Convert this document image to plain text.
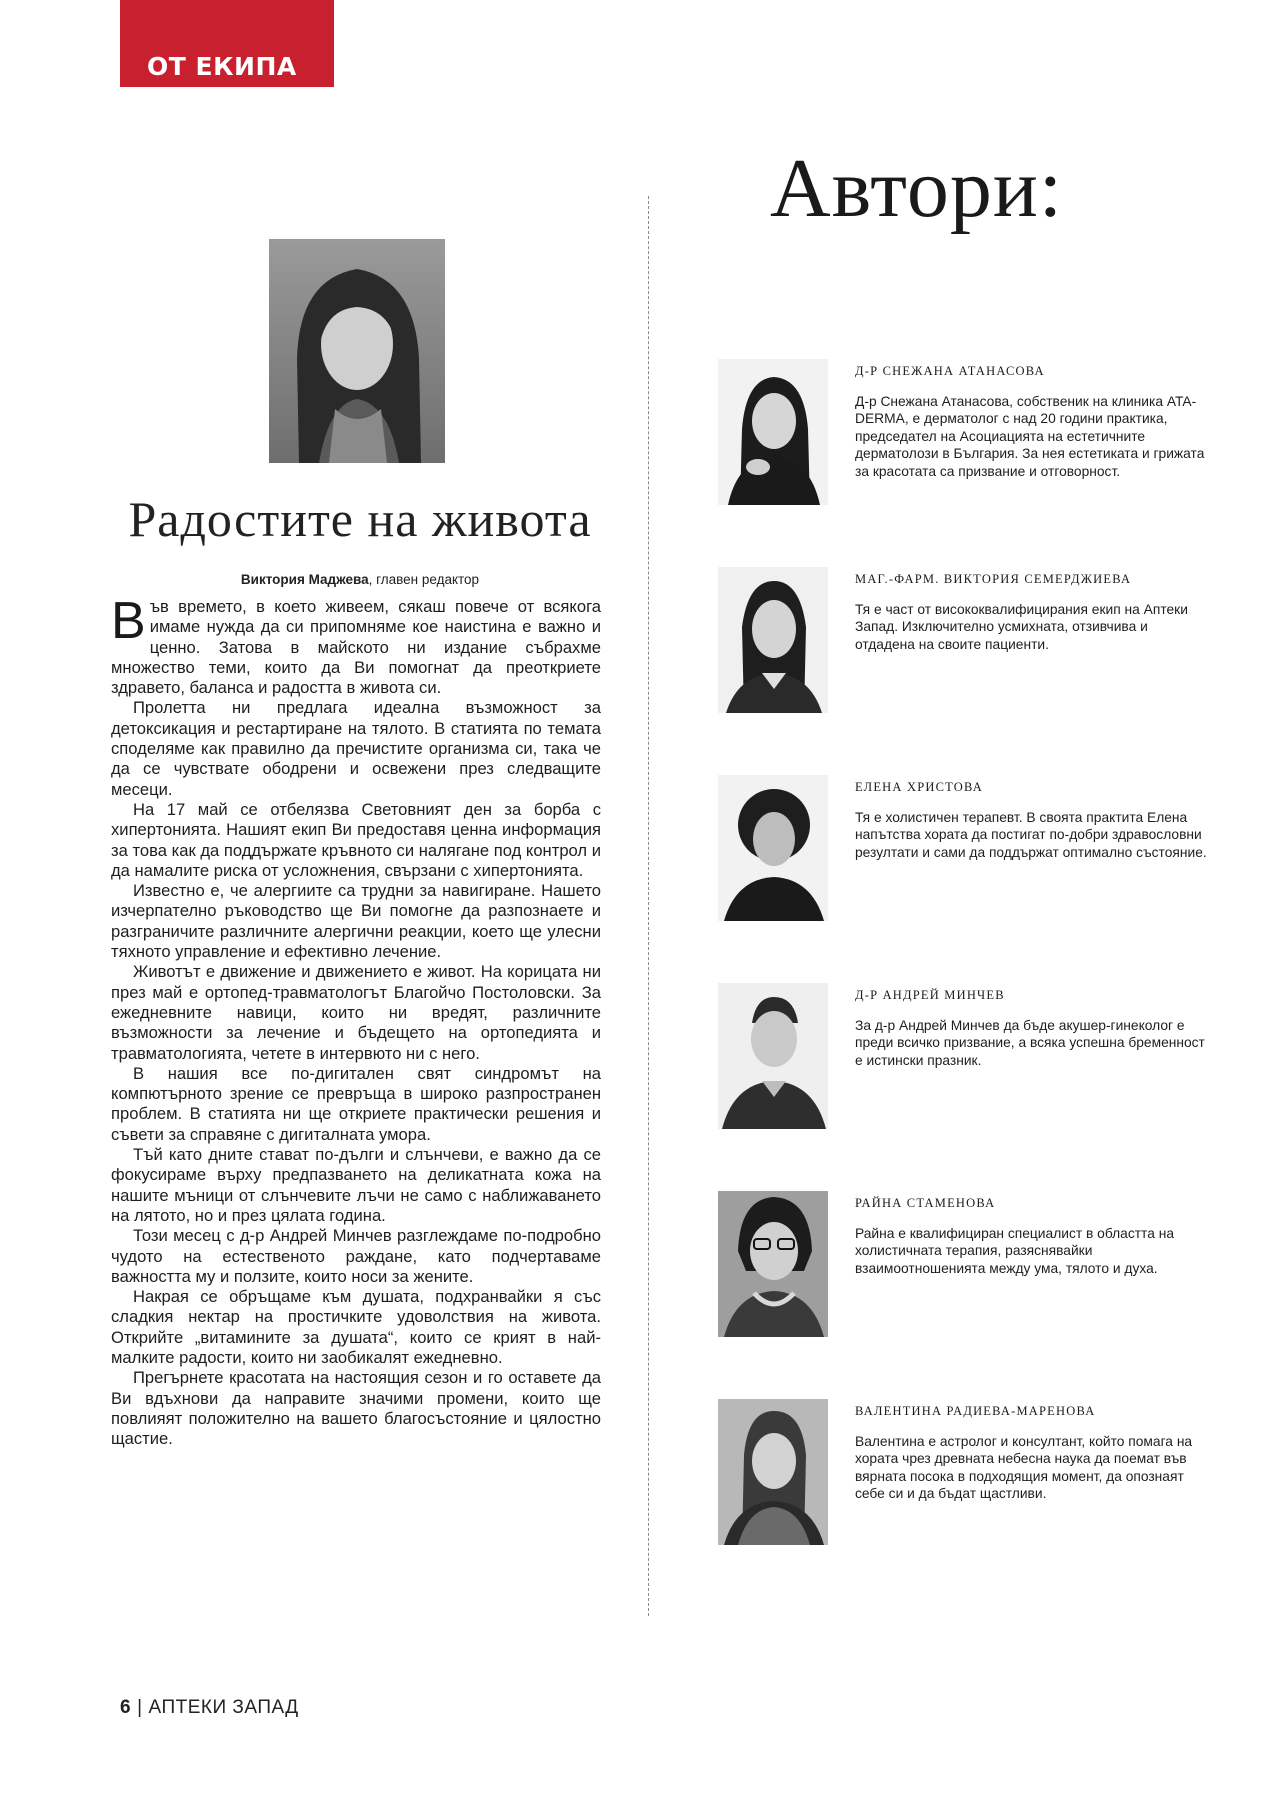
ОТ ЕКИПА
Радостите на живота
Виктория Маджева, главен редактор

Във времето, в което живеем, сякаш повече от всякога имаме нужда да си припомняме кое наистина е важно и ценно. Затова в майското ни издание събрахме множество теми, които да Ви помогнат да преоткриете здравето, баланса и радостта в живота си.

Пролетта ни предлага идеална възможност за детоксикация и рестартиране на тялото. В статията по темата споделяме как правилно да пречистите организма си, така че да се чувствате ободрени и освежени през следващите месеци.

На 17 май се отбелязва Световният ден за борба с хипертонията. Нашият екип Ви предоставя ценна информация за това как да поддържате кръвното си налягане под контрол и да намалите риска от усложнения, свързани с хипертонията.

Известно е, че алергиите са трудни за навигиране. Нашето изчерпателно ръководство ще Ви помогне да разпознаете и разграничите различните алергични реакции, което ще улесни тяхното управление и ефективно лечение.

Животът е движение и движението е живот. На корицата ни през май е ортопед-травматологът Благойчо Постоловски. За ежедневните навици, които ни вредят, различните възможности за лечение и бъдещето на ортопедията и травматологията, четете в интервюто ни с него.

В нашия все по-дигитален свят синдромът на компютърното зрение се превръща в широко разпространен проблем. В статията ни ще откриете практически решения и съвети за справяне с дигиталната умора.

Тъй като дните стават по-дълги и слънчеви, е важно да се фокусираме върху предпазването на деликатната кожа на нашите мъници от слънчевите лъчи не само с наближаването на лятото, но и през цялата година.

Този месец с д-р Андрей Минчев разглеждаме по-подробно чудото на естественото раждане, като подчертаваме важността му и ползите, които носи за жените.

Накрая се обръщаме към душата, подхранвайки я със сладкия нектар на простичките удоволствия на живота. Открийте „витамините за душата“, които се крият в най-малките радости, които ни заобикалят ежедневно.

Прегърнете красотата на настоящия сезон и го оставете да Ви вдъхнови да направите значими промени, които ще повлияят положително на вашето благосъстояние и цялостно щастие.

Автори:
Д-Р СНЕЖАНА АТАНАСОВА
Д-р Снежана Атанасова, собственик на клиника ATA-DERMA, е дерматолог с над 20 години практика, председател на Асоциацията на естетичните дерматолози в България. За нея естетиката и грижата за красотата са призвание и отговорност.
МАГ.-ФАРМ. ВИКТОРИЯ СЕМЕРДЖИЕВА
Тя е част от висококвалифицирания екип на Аптеки Запад. Изключително усмихната, отзивчива и отдадена на своите пациенти.
ЕЛЕНА ХРИСТОВА
Тя е холистичен терапевт. В своята практита Елена напътства хората да постигат по-добри здравословни резултати и сами да поддържат оптимално състояние.
Д-Р АНДРЕЙ МИНЧЕВ
За д-р Андрей Минчев да бъде акушер-гинеколог е преди всичко призвание, а всяка успешна бременност е истински празник.
РАЙНА СТАМЕНОВА
Райна е квалифициран специалист в областта на холистичната терапия, разяснявайки взаимоотношенията между ума, тялото и духа.
ВАЛЕНТИНА РАДИЕВА-МАРЕНОВА
Валентина е астролог и консултант, който помага на хората чрез древната небесна наука да поемат във вярната посока в подходящия момент, да опознаят себе си и да бъдат щастливи.
6 | АПТЕКИ ЗАПАД
